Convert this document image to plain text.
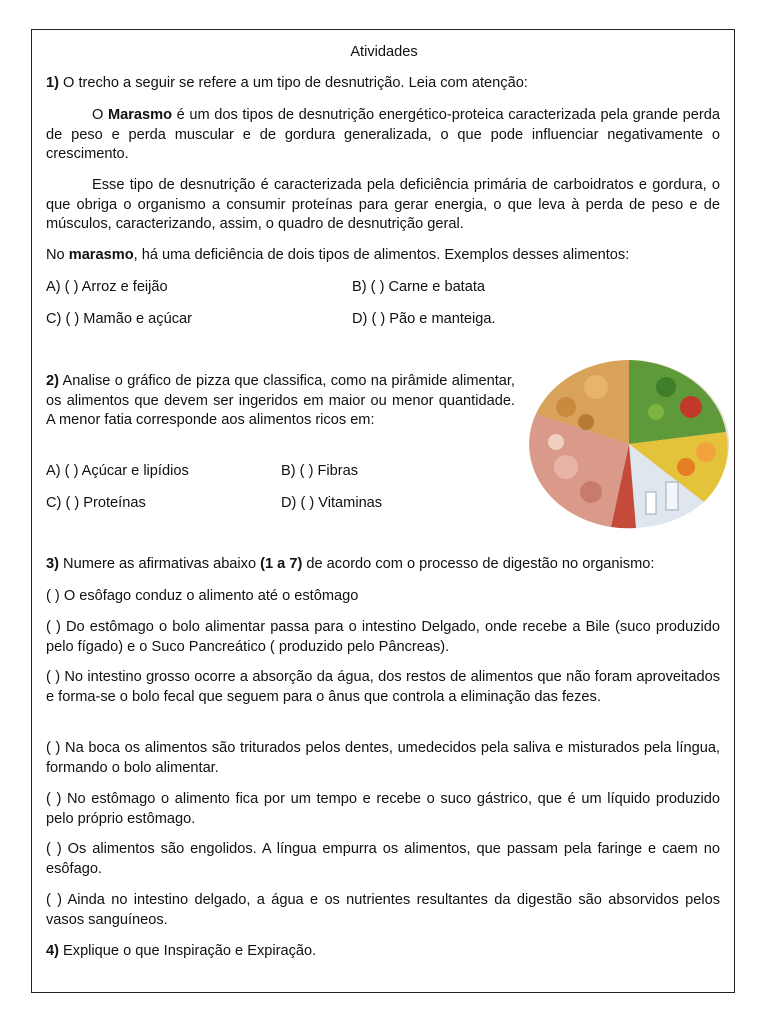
Atividades
1) O trecho a seguir se refere a um tipo de desnutrição. Leia com atenção:
O Marasmo é um dos tipos de desnutrição energético-proteica caracterizada pela grande perda de peso e perda muscular e de gordura generalizada, o que pode influenciar negativamente o crescimento.
Esse tipo de desnutrição é caracterizada pela deficiência primária de carboidratos e gordura, o que obriga o organismo a consumir proteínas para gerar energia, o que leva à perda de peso e de músculos, caracterizando, assim, o quadro de desnutrição geral.
No marasmo, há uma deficiência de dois tipos de alimentos. Exemplos desses alimentos:
A) ( ) Arroz e feijão	B) ( ) Carne e batata
C) ( ) Mamão e açúcar	D) ( ) Pão e manteiga.
2) Analise o gráfico de pizza que classifica, como na pirâmide alimentar, os alimentos que devem ser ingeridos em maior ou menor quantidade. A menor fatia corresponde aos alimentos ricos em:
A) ( ) Açúcar e lipídios	B) ( ) Fibras
C) ( ) Proteínas	D) ( ) Vitaminas
3) Numere as afirmativas abaixo (1 a 7) de acordo com o processo de digestão no organismo:
( ) O esôfago conduz o alimento até o estômago
( ) Do estômago o bolo alimentar passa para o intestino Delgado, onde recebe a Bile (suco produzido pelo fígado) e o Suco Pancreático ( produzido pelo Pâncreas).
( ) No intestino grosso ocorre a absorção da água, dos restos de alimentos que não foram aproveitados e forma-se o bolo fecal que seguem para o ânus que controla a eliminação das fezes.
( ) Na boca os alimentos são triturados pelos dentes, umedecidos pela saliva e misturados pela língua, formando o bolo alimentar.
( ) No estômago o alimento fica por um tempo e recebe o suco gástrico, que é um líquido produzido pelo próprio estômago.
( ) Os alimentos são engolidos. A língua empurra os alimentos, que passam pela faringe e caem no esôfago.
( ) Ainda no intestino delgado, a água e os nutrientes resultantes da digestão são absorvidos pelos vasos sanguíneos.
4) Explique o que Inspiração e Expiração.
